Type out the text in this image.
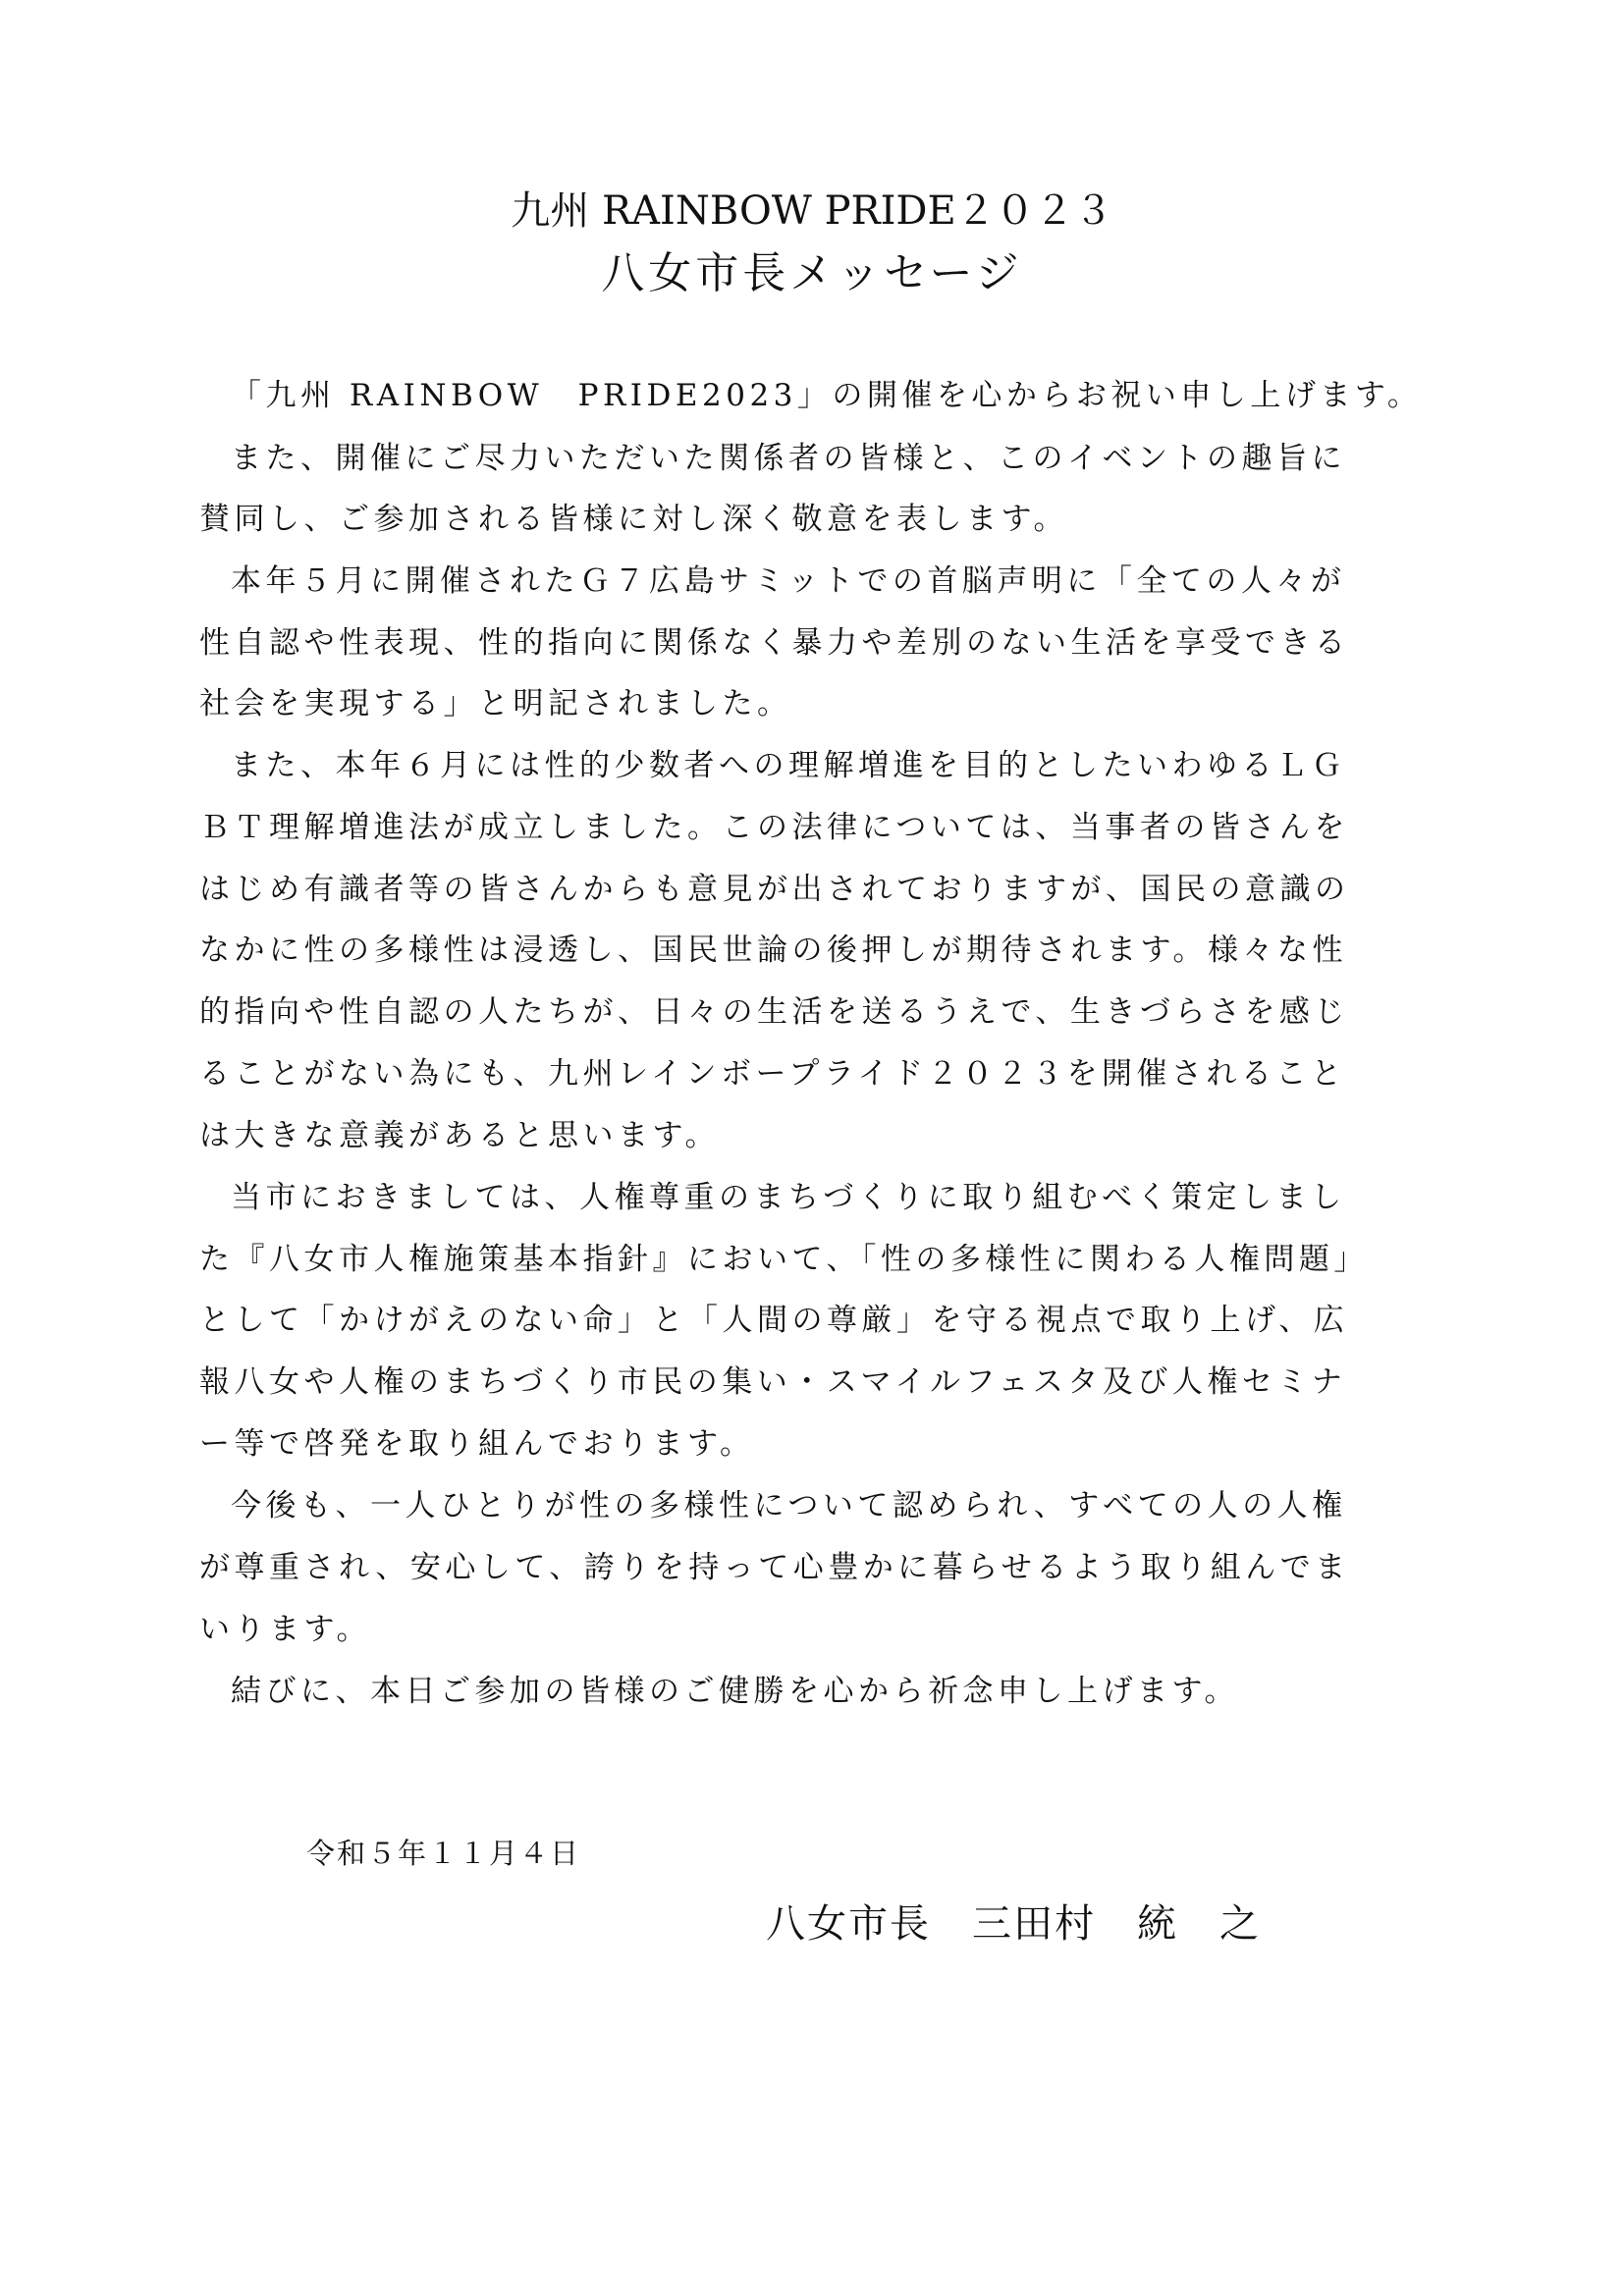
九州 RAINBOW PRIDE２０２３
八女市長メッセージ
「九州 RAINBOW　PRIDE2023」の開催を心からお祝い申し上げます。
また、開催にご尽力いただいた関係者の皆様と、このイベントの趣旨に
賛同し、ご参加される皆様に対し深く敬意を表します。
本年５月に開催されたＧ７広島サミットでの首脳声明に「全ての人々が
性自認や性表現、性的指向に関係なく暴力や差別のない生活を享受できる
社会を実現する」と明記されました。
また、本年６月には性的少数者への理解増進を目的としたいわゆるＬＧ
ＢＴ理解増進法が成立しました。この法律については、当事者の皆さんを
はじめ有識者等の皆さんからも意見が出されておりますが、国民の意識の
なかに性の多様性は浸透し、国民世論の後押しが期待されます。様々な性
的指向や性自認の人たちが、日々の生活を送るうえで、生きづらさを感じ
ることがない為にも、九州レインボープライド２０２３を開催されること
は大きな意義があると思います。
当市におきましては、人権尊重のまちづくりに取り組むべく策定しまし
た『八女市人権施策基本指針』において、「性の多様性に関わる人権問題」
として「かけがえのない命」と「人間の尊厳」を守る視点で取り上げ、広
報八女や人権のまちづくり市民の集い・スマイルフェスタ及び人権セミナ
ー等で啓発を取り組んでおります。
今後も、一人ひとりが性の多様性について認められ、すべての人の人権
が尊重され、安心して、誇りを持って心豊かに暮らせるよう取り組んでま
いります。
結びに、本日ご参加の皆様のご健勝を心から祈念申し上げます。
令和５年１１月４日
八女市長　三田村　統　之
